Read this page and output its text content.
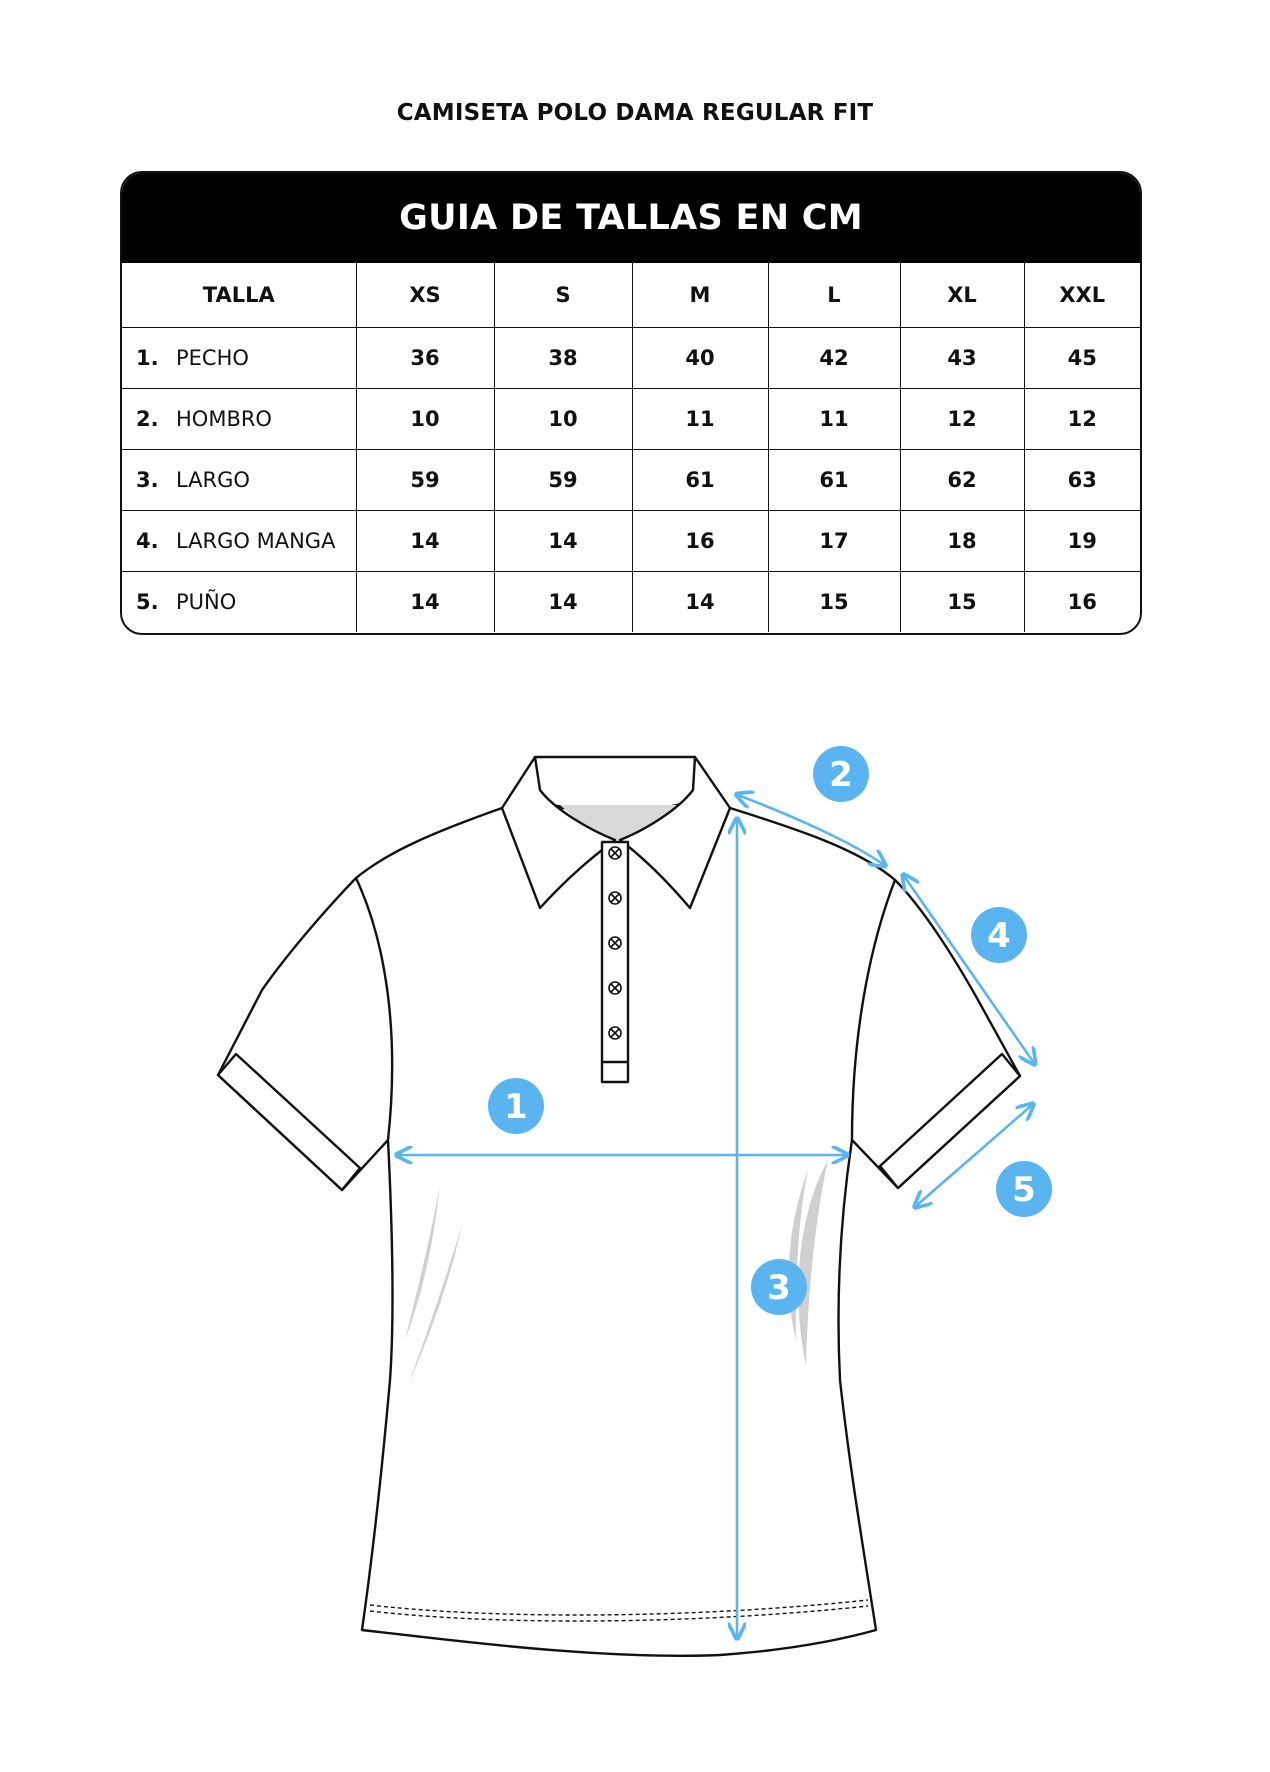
CAMISETA POLO DAMA REGULAR FIT
GUIA DE TALLAS EN CM
TALLA	XS	S	M	L	XL	XXL
1. PECHO	36	38	40	42	43	45
2. HOMBRO	10	10	11	11	12	12
3. LARGO	59	59	61	61	62	63
4. LARGO MANGA	14	14	16	17	18	19
5. PUÑO	14	14	14	15	15	16
1
2
3
4
5
